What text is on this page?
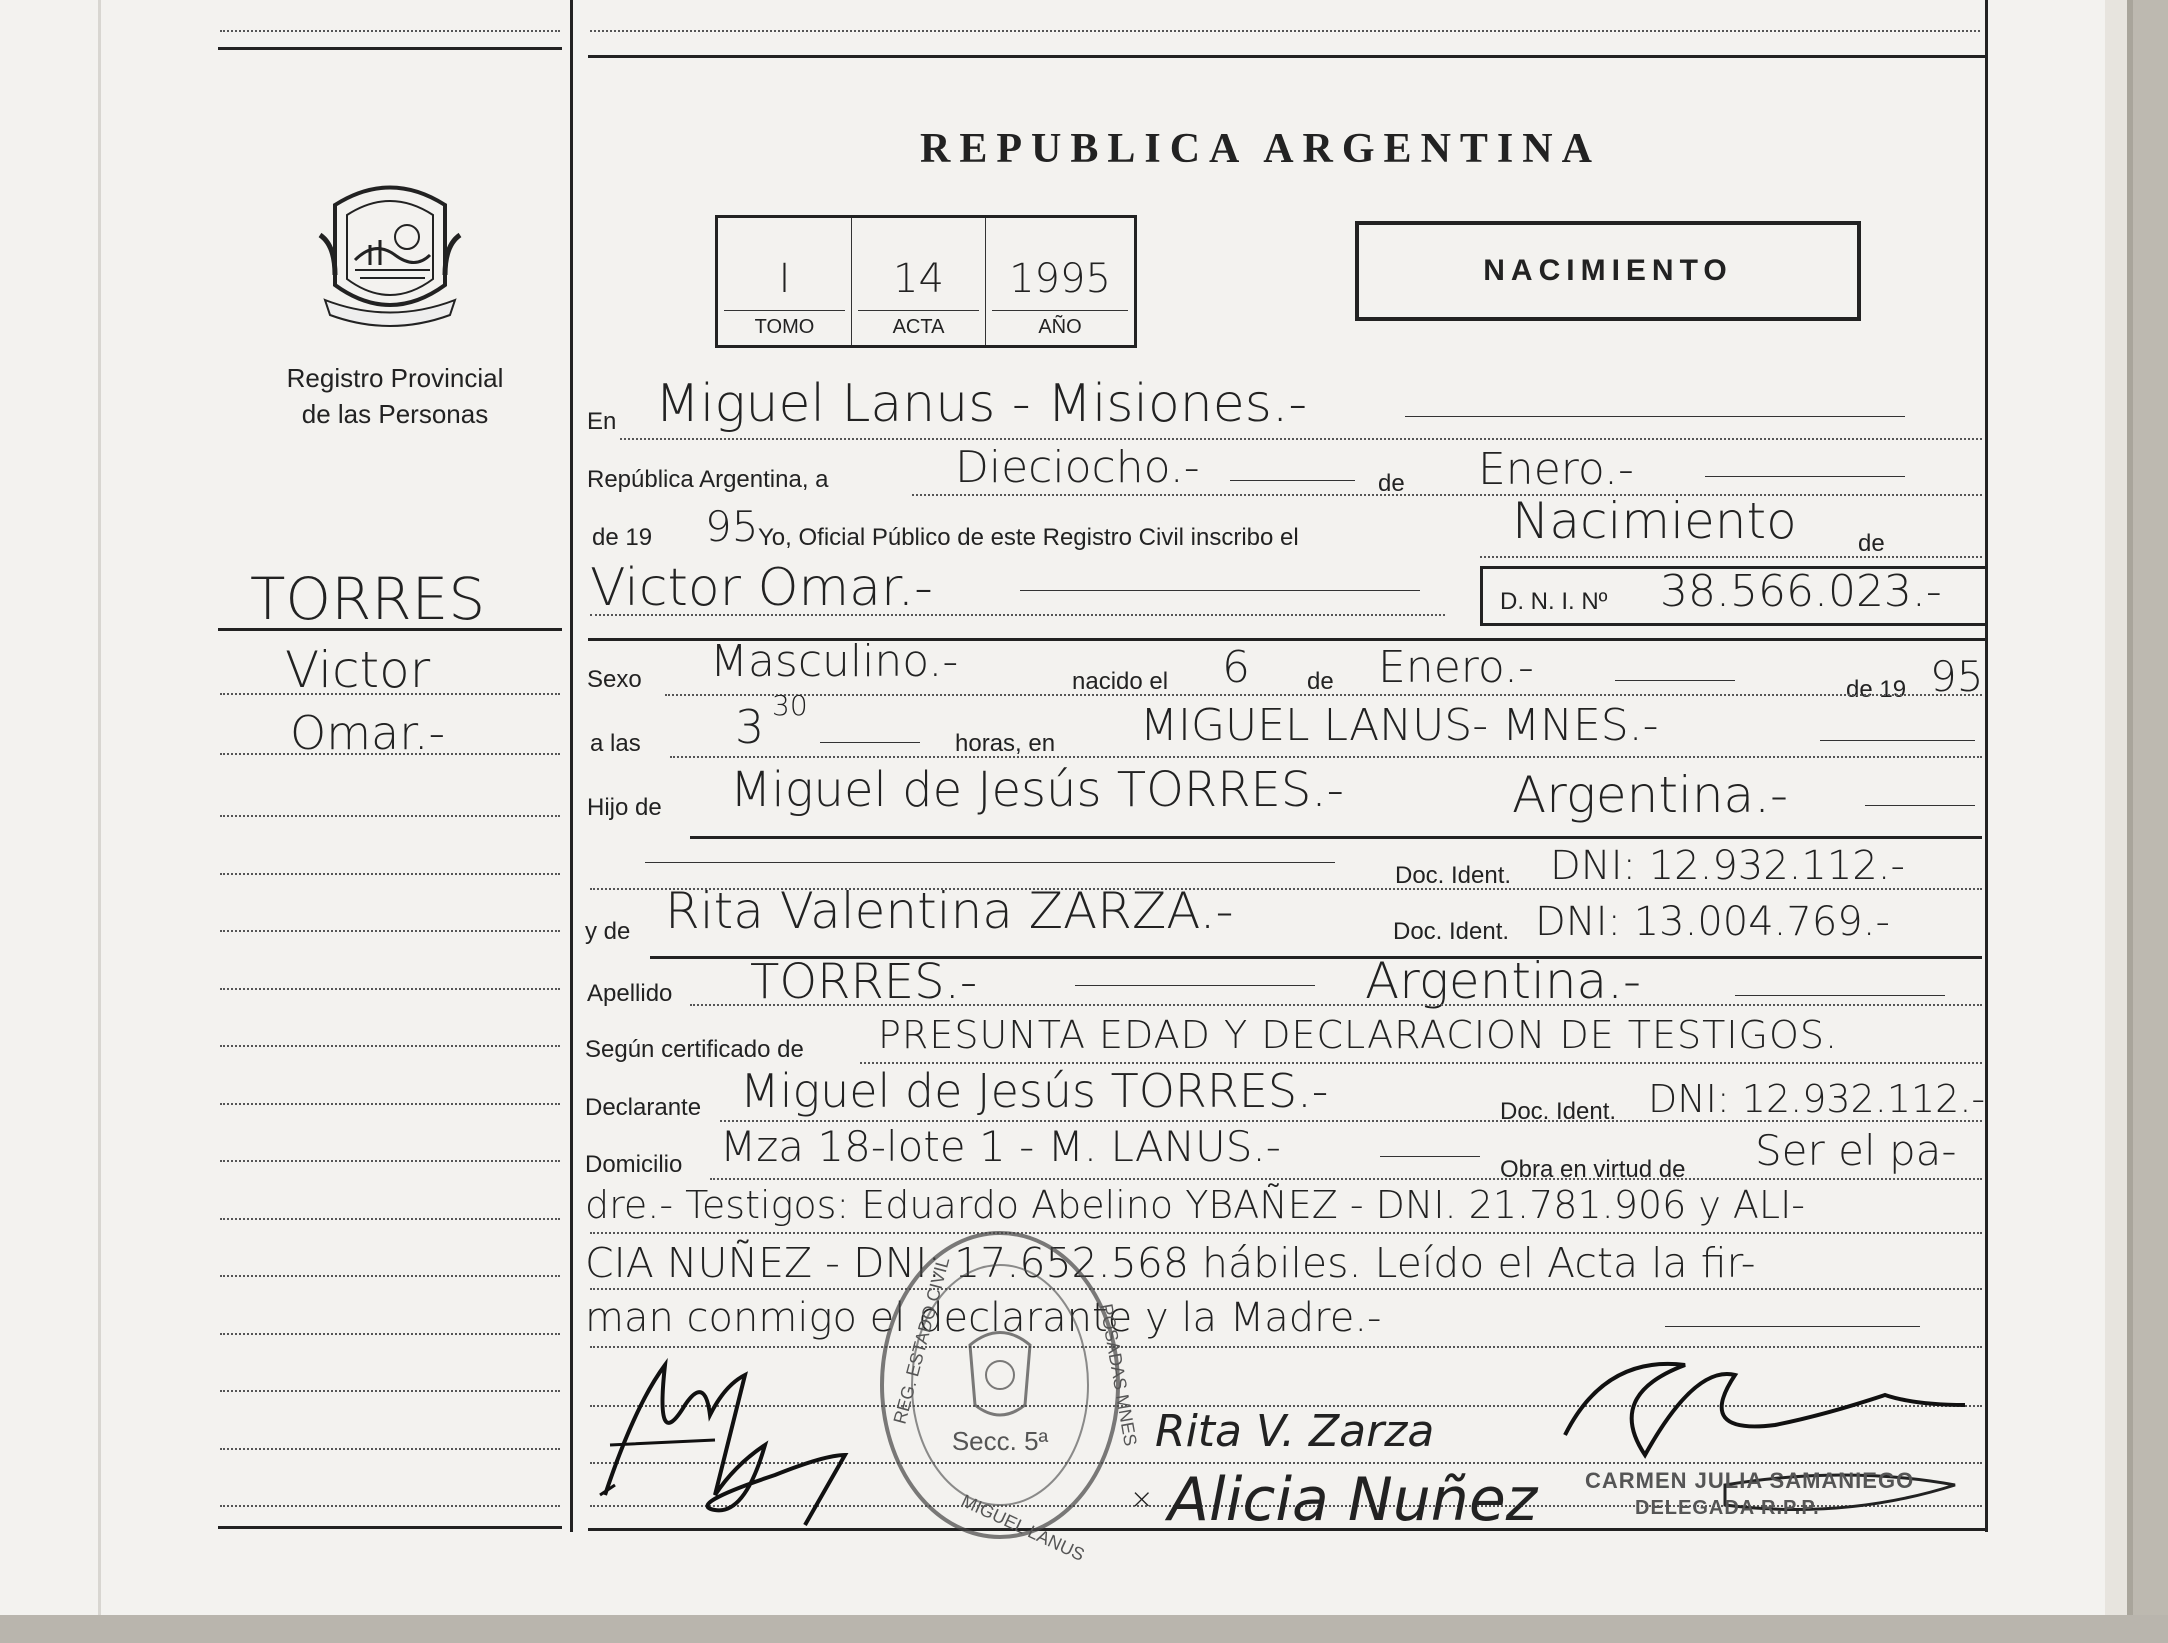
Registro Provincial
de las Personas
TORRES
Victor
Omar.-
REPUBLICA ARGENTINA
I
TOMO
14
ACTA
1995
AÑO
NACIMIENTO
En Miguel Lanus - Misiones.-
República Argentina, a	Dieciocho.-	de Enero.-
de 19 95 Yo, Oficial Público de este Registro Civil inscribo el	Nacimiento	de
Victor Omar.-	D. N. I. Nº 38.566.023.-
Sexo Masculino.-	nacido el 6 de Enero.-	de 19 95
a las 3 30
horas, en MIGUEL LANUS- MNES.-
Hijo de Miguel de Jesús TORRES.-	Argentina.-
Doc. Ident. DNI: 12.932.112.-
y de Rita Valentina ZARZA.-	Doc. Ident. DNI: 13.004.769.-
Apellido TORRES.-	Argentina.-
Según certificado de PRESUNTA EDAD Y DECLARACION DE TESTIGOS.
Declarante Miguel de Jesús TORRES.-	Doc. Ident. DNI: 12.932.112.-
Domicilio Mza 18-lote 1 - M. LANUS.-	Obra en virtud de Ser el pa-
dre.- Testigos: Eduardo Abelino YBAÑEZ - DNI. 21.781.906 y ALI-
CIA NUÑEZ - DNI: 17.652.568 hábiles. Leído el Acta la fir-
man conmigo el declarante y la Madre.-
Secc. 5ª
REG. ESTADO CIVIL
MIGUEL LANUS
POSADAS MNES Rita V. Zarza
× Alicia Nuñez CARMEN JULIA SAMANIEGO
DELEGADA R.P.P.
